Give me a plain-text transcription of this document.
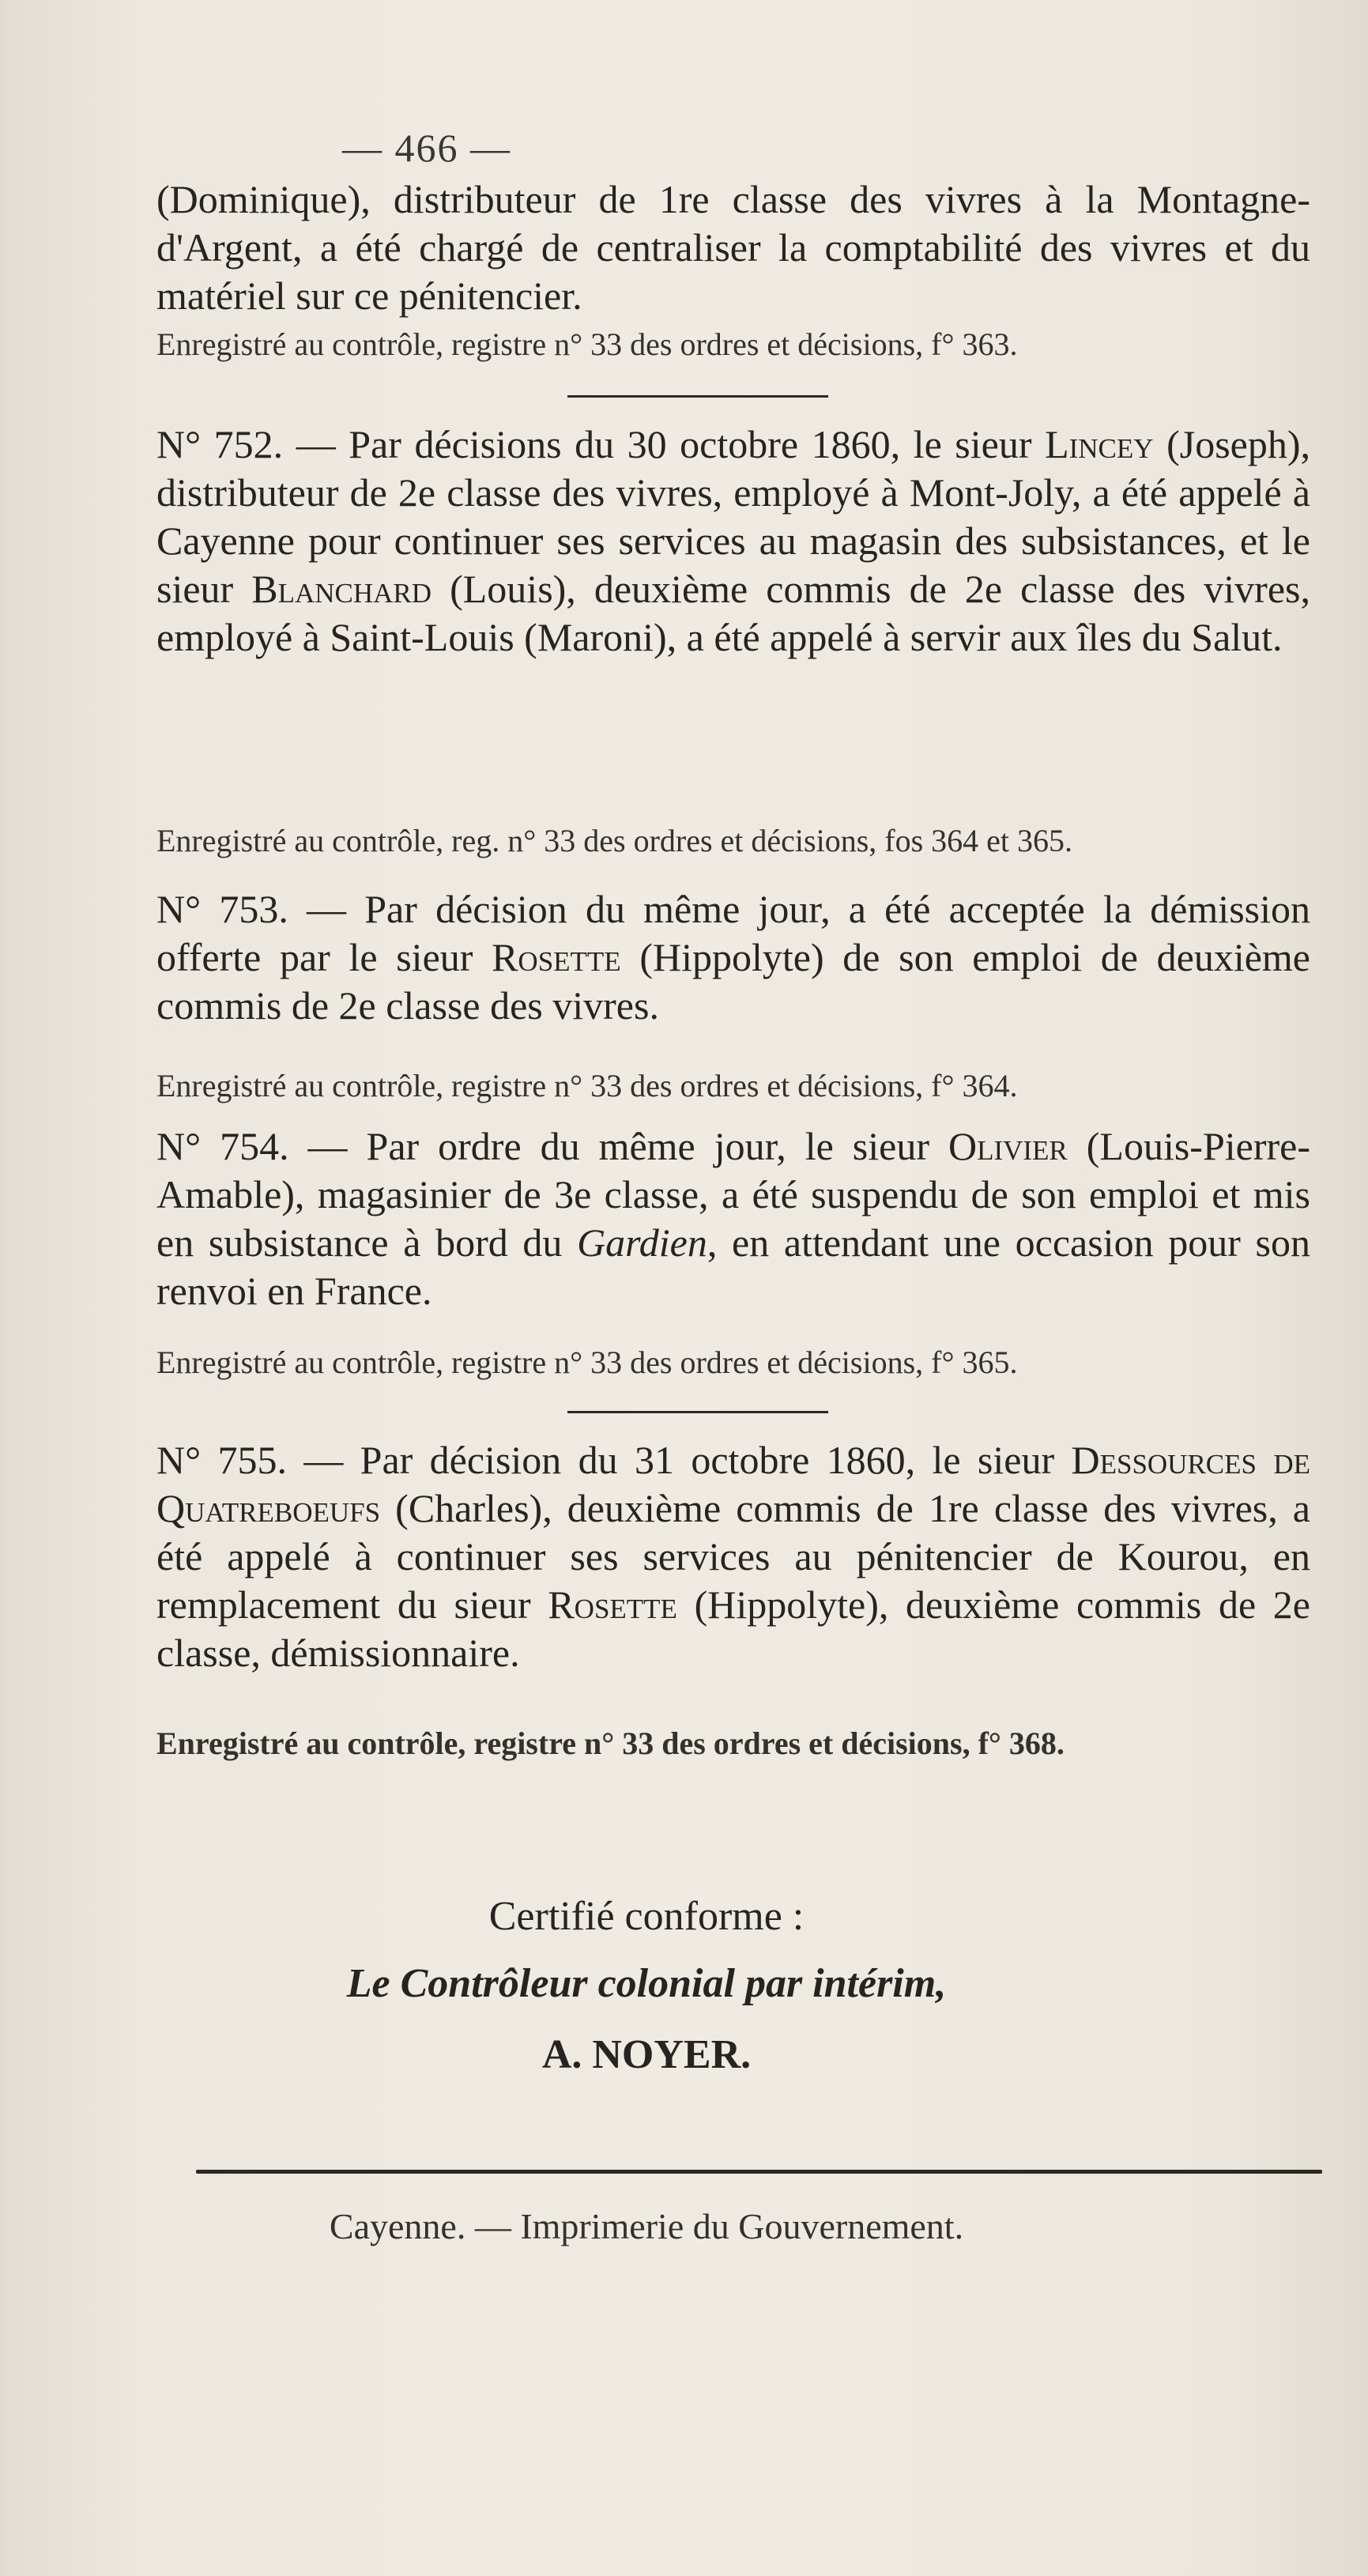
— 466 —
(Dominique), distributeur de 1re classe des vivres à la Montagne-d'Argent, a été chargé de centraliser la comptabilité des vivres et du matériel sur ce pénitencier.
Enregistré au contrôle, registre n° 33 des ordres et décisions, f° 363.
N° 752. — Par décisions du 30 octobre 1860, le sieur Lincey (Joseph), distributeur de 2e classe des vivres, employé à Mont-Joly, a été appelé à Cayenne pour continuer ses services au magasin des subsistances, et le sieur Blanchard (Louis), deuxième commis de 2e classe des vivres, employé à Saint-Louis (Maroni), a été appelé à servir aux îles du Salut.
Enregistré au contrôle, reg. n° 33 des ordres et décisions, fos 364 et 365.
N° 753. — Par décision du même jour, a été acceptée la démission offerte par le sieur Rosette (Hippolyte) de son emploi de deuxième commis de 2e classe des vivres.
Enregistré au contrôle, registre n° 33 des ordres et décisions, f° 364.
N° 754. — Par ordre du même jour, le sieur Olivier (Louis-Pierre-Amable), magasinier de 3e classe, a été suspendu de son emploi et mis en subsistance à bord du Gardien, en attendant une occasion pour son renvoi en France.
Enregistré au contrôle, registre n° 33 des ordres et décisions, f° 365.
N° 755. — Par décision du 31 octobre 1860, le sieur Dessources de Quatreboeufs (Charles), deuxième commis de 1re classe des vivres, a été appelé à continuer ses services au pénitencier de Kourou, en remplacement du sieur Rosette (Hippolyte), deuxième commis de 2e classe, démissionnaire.
Enregistré au contrôle, registre n° 33 des ordres et décisions, f° 368.
Certifié conforme :
Le Contrôleur colonial par intérim,
A. NOYER.
Cayenne. — Imprimerie du Gouvernement.
